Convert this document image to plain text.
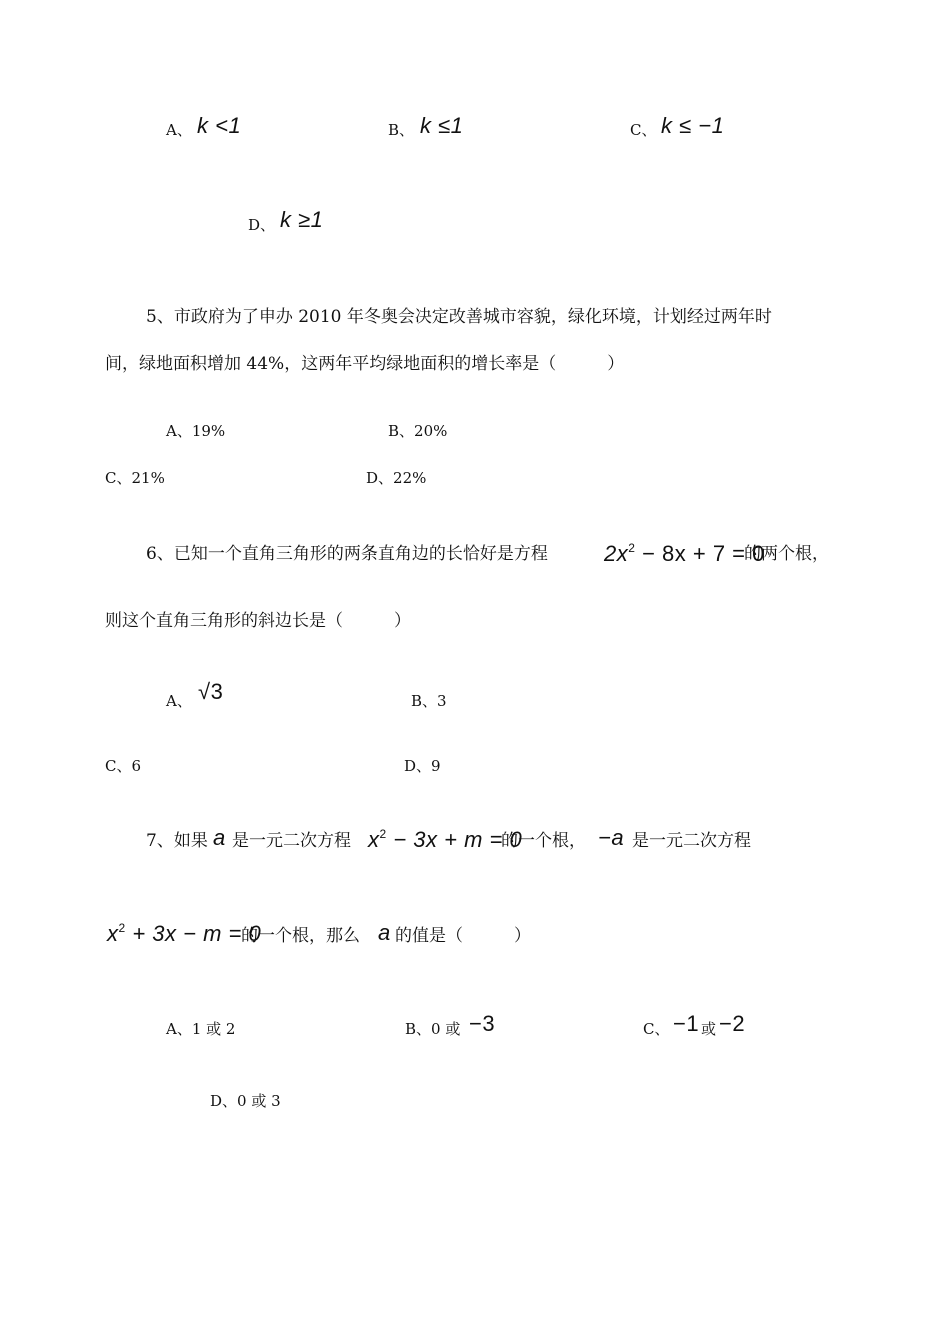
A、 k <1	B、 k ≤1	C、 k ≤ −1
D、 k ≥1
5、市政府为了申办 2010 年冬奥会决定改善城市容貌，绿化环境，计划经过两年时
间，绿地面积增加 44%，这两年平均绿地面积的增长率是（　　　）
A、19%	B、20%
C、21%	D、22%
6、已知一个直角三角形的两条直角边的长恰好是方程	$2x^2 - 8x + 7 = 0$
的两个根，
则这个直角三角形的斜边长是（　　　）
A、 √3	B、3
C、6	D、9
7、如果 a 是一元二次方程 $x^2 - 3x + m = 0$
的一个根， −a 是一元二次方程
$x^2 + 3x - m = 0$
的一个根，那么 a 的值是（　　　）
A、1 或 2	B、0 或 −3	C、 −1 或 −2
D、0 或 3
